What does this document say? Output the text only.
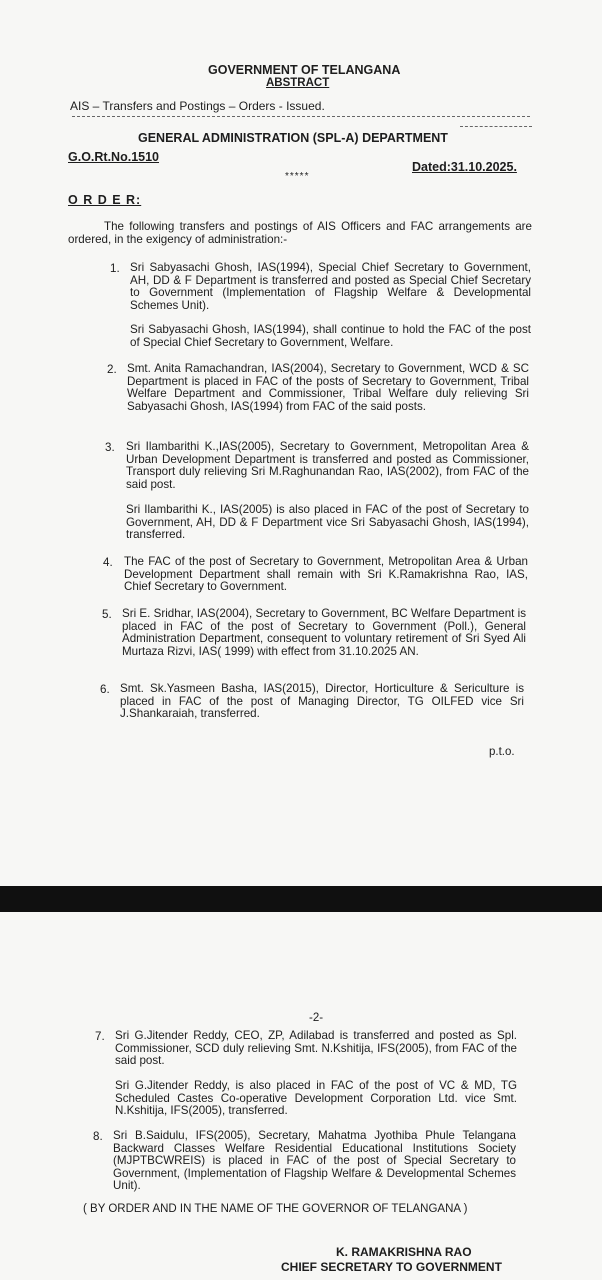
GOVERNMENT OF TELANGANA
ABSTRACT
AIS – Transfers and Postings – Orders - Issued.
GENERAL ADMINISTRATION (SPL-A) DEPARTMENT
G.O.Rt.No.1510
Dated:31.10.2025.
*****
O R D E R:
The following transfers and postings of AIS Officers and FAC arrangements are ordered, in the exigency of administration:-
1. Sri Sabyasachi Ghosh, IAS(1994), Special Chief Secretary to Government, AH, DD & F Department is transferred and posted as Special Chief Secretary to Government (Implementation of Flagship Welfare & Developmental Schemes Unit).
Sri Sabyasachi Ghosh, IAS(1994), shall continue to hold the FAC of the post of Special Chief Secretary to Government, Welfare.
2. Smt. Anita Ramachandran, IAS(2004), Secretary to Government, WCD & SC Department is placed in FAC of the posts of Secretary to Government, Tribal Welfare Department and Commissioner, Tribal Welfare duly relieving Sri Sabyasachi Ghosh, IAS(1994) from FAC of the said posts.
3. Sri Ilambarithi K.,IAS(2005), Secretary to Government, Metropolitan Area & Urban Development Department is transferred and posted as Commissioner, Transport duly relieving Sri M.Raghunandan Rao, IAS(2002), from FAC of the said post.
Sri Ilambarithi K., IAS(2005) is also placed in FAC of the post of Secretary to Government, AH, DD & F Department vice Sri Sabyasachi Ghosh, IAS(1994), transferred.
4. The FAC of the post of Secretary to Government, Metropolitan Area & Urban Development Department shall remain with Sri K.Ramakrishna Rao, IAS, Chief Secretary to Government.
5. Sri E. Sridhar, IAS(2004), Secretary to Government, BC Welfare Department is placed in FAC of the post of Secretary to Government (Poll.), General Administration Department, consequent to voluntary retirement of Sri Syed Ali Murtaza Rizvi, IAS( 1999) with effect from 31.10.2025 AN.
6. Smt. Sk.Yasmeen Basha, IAS(2015), Director, Horticulture & Sericulture is placed in FAC of the post of Managing Director, TG OILFED vice Sri J.Shankaraiah, transferred.
p.t.o.
-2-
7. Sri G.Jitender Reddy, CEO, ZP, Adilabad is transferred and posted as Spl. Commissioner, SCD duly relieving Smt. N.Kshitija, IFS(2005), from FAC of the said post.
Sri G.Jitender Reddy, is also placed in FAC of the post of VC & MD, TG Scheduled Castes Co-operative Development Corporation Ltd. vice Smt. N.Kshitija, IFS(2005), transferred.
8. Sri B.Saidulu, IFS(2005), Secretary, Mahatma Jyothiba Phule Telangana Backward Classes Welfare Residential Educational Institutions Society (MJPTBCWREIS) is placed in FAC of the post of Special Secretary to Government, (Implementation of Flagship Welfare & Developmental Schemes Unit).
( BY ORDER AND IN THE NAME OF THE GOVERNOR OF TELANGANA )
K. RAMAKRISHNA RAO
CHIEF SECRETARY TO GOVERNMENT
